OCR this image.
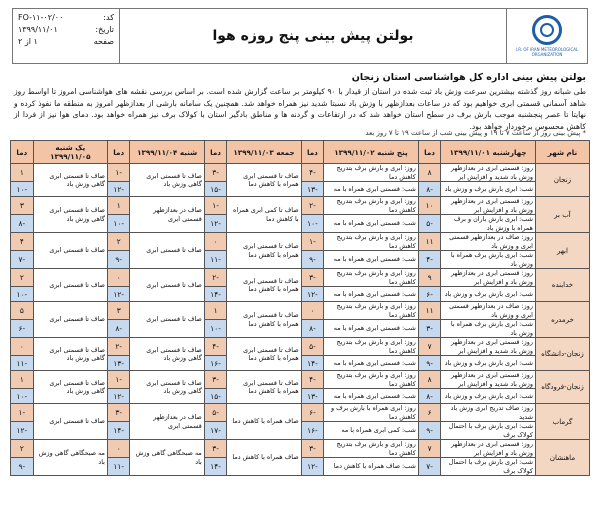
کد:
FO-۱۱-۰۲/۰۰
تاریخ:
۱۳۹۹/۱۱/۰۱
صفحه
۱ از ۲	بولتن پیش بینی پنج روزه هوا
I.R. OF IRAN METEOROLOGICAL ORGANIZATION
بولتن پیش بینی اداره کل هواشناسی استان زنجان
طی شبانه روز گذشته بیشترین سرعت وزش باد ثبت شده در استان از قیدار با ۹۰ کیلومتر بر ساعت گزارش شده است. بر اساس بررسی نقشه های هواشناسی امروز تا اواسط روز شاهد آسمانی قسمتی ابری خواهیم بود که در ساعات بعدازظهر با وزش باد نسبتا شدید نیز همراه خواهد شد. همچنین یک سامانه بارشی از بعدازظهر امروز به منطقه ما نفوذ کرده و نهایتا تا عصر پنجشنبه موجب بارش برف در سطح استان خواهد شد که در ارتفاعات و گردنه ها و مناطق بادگیر استان با کولاک برف نیز همراه خواهد بود. دمای هوا نیز از فردا از کاهش محسوس برخوردار خواهد بود.
* پیش بینی روز از ساعت ۷ تا ۱۹ و پیش بینی شب از ساعت ۱۹ تا ۷ روز بعد
نام شهر	چهارشنبه ۱۳۹۹/۱۱/۰۱	دما	پنج شنبه ۱۳۹۹/۱۱/۰۲	دما	جمعه ۱۳۹۹/۱۱/۰۳	دما	شنبه ۱۳۹۹/۱۱/۰۴	دما	یک شنبه ۱۳۹۹/۱۱/۰۵	دما
زنجان	روز: قسمتی ابری در بعدازظهر وزش باد شدید و افزایش ابر	۸	روز: ابری و بارش برف بتدریج کاهش دما	-۴	صاف تا قسمتی ابری همراه با کاهش دما	-۳	صاف تا قسمتی ابری گاهی وزش باد	-۱	صاف تا قسمتی ابری گاهی وزش باد	۱
	شب: ابری بارش برف و وزش باد	-۸	شب: قسمتی ابری همراه با مه	-۱۳		-۱۵		-۱۲		-۱۰
آب بر	روز: قسمتی ابری در بعدازظهر وزش باد و افزایش ابر	۱۰	روز: ابری و بارش برف بتدریج کاهش دما	-۲	صاف تا کمی ابری همراه با کاهش دما	-۱	صاف در بعدازظهر قسمتی ابری	۱	صاف تا قسمتی ابری گاهی وزش باد	۳
	شب: ابری بارش باران و برف همراه با وزش باد	-۵	شب: قسمتی ابری همراه با مه	-۱۰		-۱۲		-۱۰		-۸
ابهر	روز: صاف در بعدازظهر قسمتی ابری و وزش باد	۱۱	روز: ابری و بارش برف بتدریج کاهش دما	-۱	صاف تا قسمتی ابری همراه با کاهش دما	۰	صاف تا قسمتی ابری	۲	صاف تا قسمتی ابری	۴
	شب: ابری بارش برف همراه با وزش باد	-۴	شب: قسمتی ابری همراه با مه	-۹		-۱۱		-۹		-۷
خدابنده	روز: قسمتی ابری در بعدازظهر وزش باد و افزایش ابر	۹	روز: ابری و بارش برف بتدریج کاهش دما	-۳	صاف تا قسمتی ابری همراه با کاهش دما	-۲	صاف تا قسمتی ابری	۰	صاف تا قسمتی ابری	۲
	شب: ابری بارش برف و وزش باد	-۶	شب: قسمتی ابری همراه با مه	-۱۲		-۱۴		-۱۲		-۱۰
خرمدره	روز: صاف در بعدازظهر قسمتی ابری و وزش باد	۱۱	روز: ابری و بارش برف بتدریج کاهش دما	۰	صاف تا قسمتی ابری همراه با کاهش دما	۱	صاف تا قسمتی ابری	۳	صاف تا قسمتی ابری	۵
	شب: ابری بارش برف همراه با وزش باد	-۳	شب: قسمتی ابری همراه با مه	-۸		-۱۰		-۸		-۶
زنجان-دانشگاه	روز: قسمتی ابری در بعدازظهر وزش باد شدید و افزایش ابر	۷	روز: ابری و بارش برف بتدریج کاهش دما	-۵	صاف تا قسمتی ابری همراه با کاهش دما	-۴	صاف تا قسمتی ابری گاهی وزش باد	-۲	صاف تا قسمتی ابری گاهی وزش باد	۰
	شب: ابری بارش برف و وزش باد	-۹	شب: قسمتی ابری همراه با مه	-۱۴		-۱۶		-۱۳		-۱۱
زنجان-فرودگاه	روز: قسمتی ابری در بعدازظهر وزش باد شدید و افزایش ابر	۸	روز: ابری و بارش برف بتدریج کاهش دما	-۴	صاف تا قسمتی ابری همراه با کاهش دما	-۳	صاف تا قسمتی ابری گاهی وزش باد	-۱	صاف تا قسمتی ابری گاهی وزش باد	۱
	شب: ابری بارش برف و وزش باد	-۸	شب: قسمتی ابری همراه با مه	-۱۳		-۱۵		-۱۲		-۱۰
گرماب	روز: صاف تدریج ابری وزش باد شدید	۶	روز: ابری همراه با بارش برف و کاهش دما	-۶	صاف همراه با کاهش دما	-۵	صاف در بعدازظهر قسمتی ابری	-۳	صاف تا قسمتی ابری	-۱
	شب: ابری بارش برف با احتمال کولاک برف	-۹	شب: کمی ابری همراه با مه	-۱۶		-۱۷		-۱۴		-۱۲
ماهنشان	روز: قسمتی ابری در بعدازظهر وزش باد و افزایش ابر	۷	روز: ابری و بارش برف بتدریج کاهش دما	-۳	صاف همراه با کاهش دما	-۳	مه صبحگاهی گاهی وزش باد	۰	مه صبحگاهی گاهی وزش باد	۲
	شب: ابری بارش برف با احتمال کولاک برف	-۷	شب: صاف همراه با کاهش دما	-۱۲		-۱۴		-۱۱		-۹
